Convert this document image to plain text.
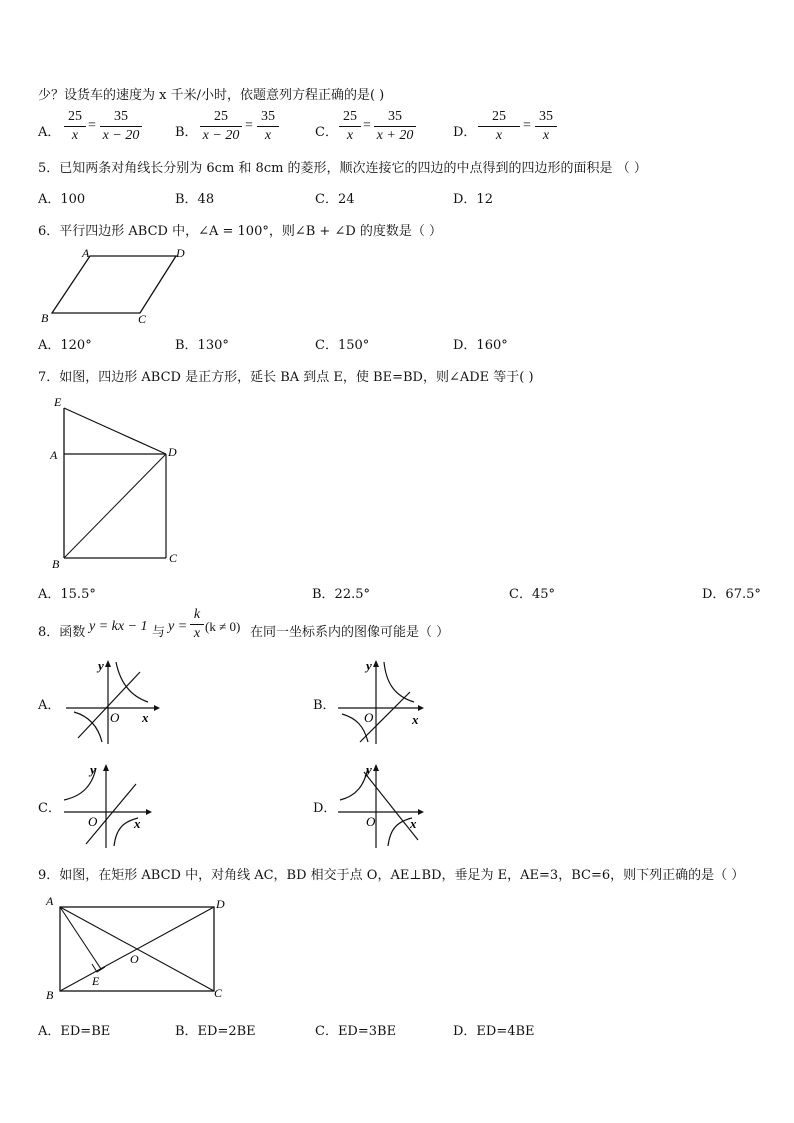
少？设货车的速度为 x 千米/小时，依题意列方程正确的是( )
A． $\frac{25}{x} = \frac{35}{x - 20}$	B． $\frac{25}{x - 20} = \frac{35}{x}$	C． $\frac{25}{x} = \frac{35}{x + 20}$	D． $\frac{25}{x} = \frac{35}{x}$
5．已知两条对角线长分别为 6cm 和 8cm 的菱形，顺次连接它的四边的中点得到的四边形的面积是 （ ）
A．100	B．48	C．24	D．12
6．平行四边形 ABCD 中，∠A = 100°，则∠B + ∠D 的度数是（ ）
A	D
B	C
A．120°	B．130°	C．150°	D．160°
7．如图，四边形 ABCD 是正方形，延长 BA 到点 E，使 BE=BD，则∠ADE 等于( )
E
A	D
B	C
A．15.5°	B．22.5°	C．45°	D．67.5°
8．函数 y = kx − 1 与 $y = \frac{k}{x} (k \ne 0)$ 在同一坐标系内的图像可能是（ ）
A．
y
O x
B．
y
O	x
C．
y
O	x
D．
y
O	x
9．如图，在矩形 ABCD 中，对角线 AC，BD 相交于点 O，AE⊥BD，垂足为 E，AE=3，BC=6，则下列正确的是（ ）
A	D
B	C
E
O
A．ED=BE	B．ED=2BE	C．ED=3BE	D．ED=4BE
